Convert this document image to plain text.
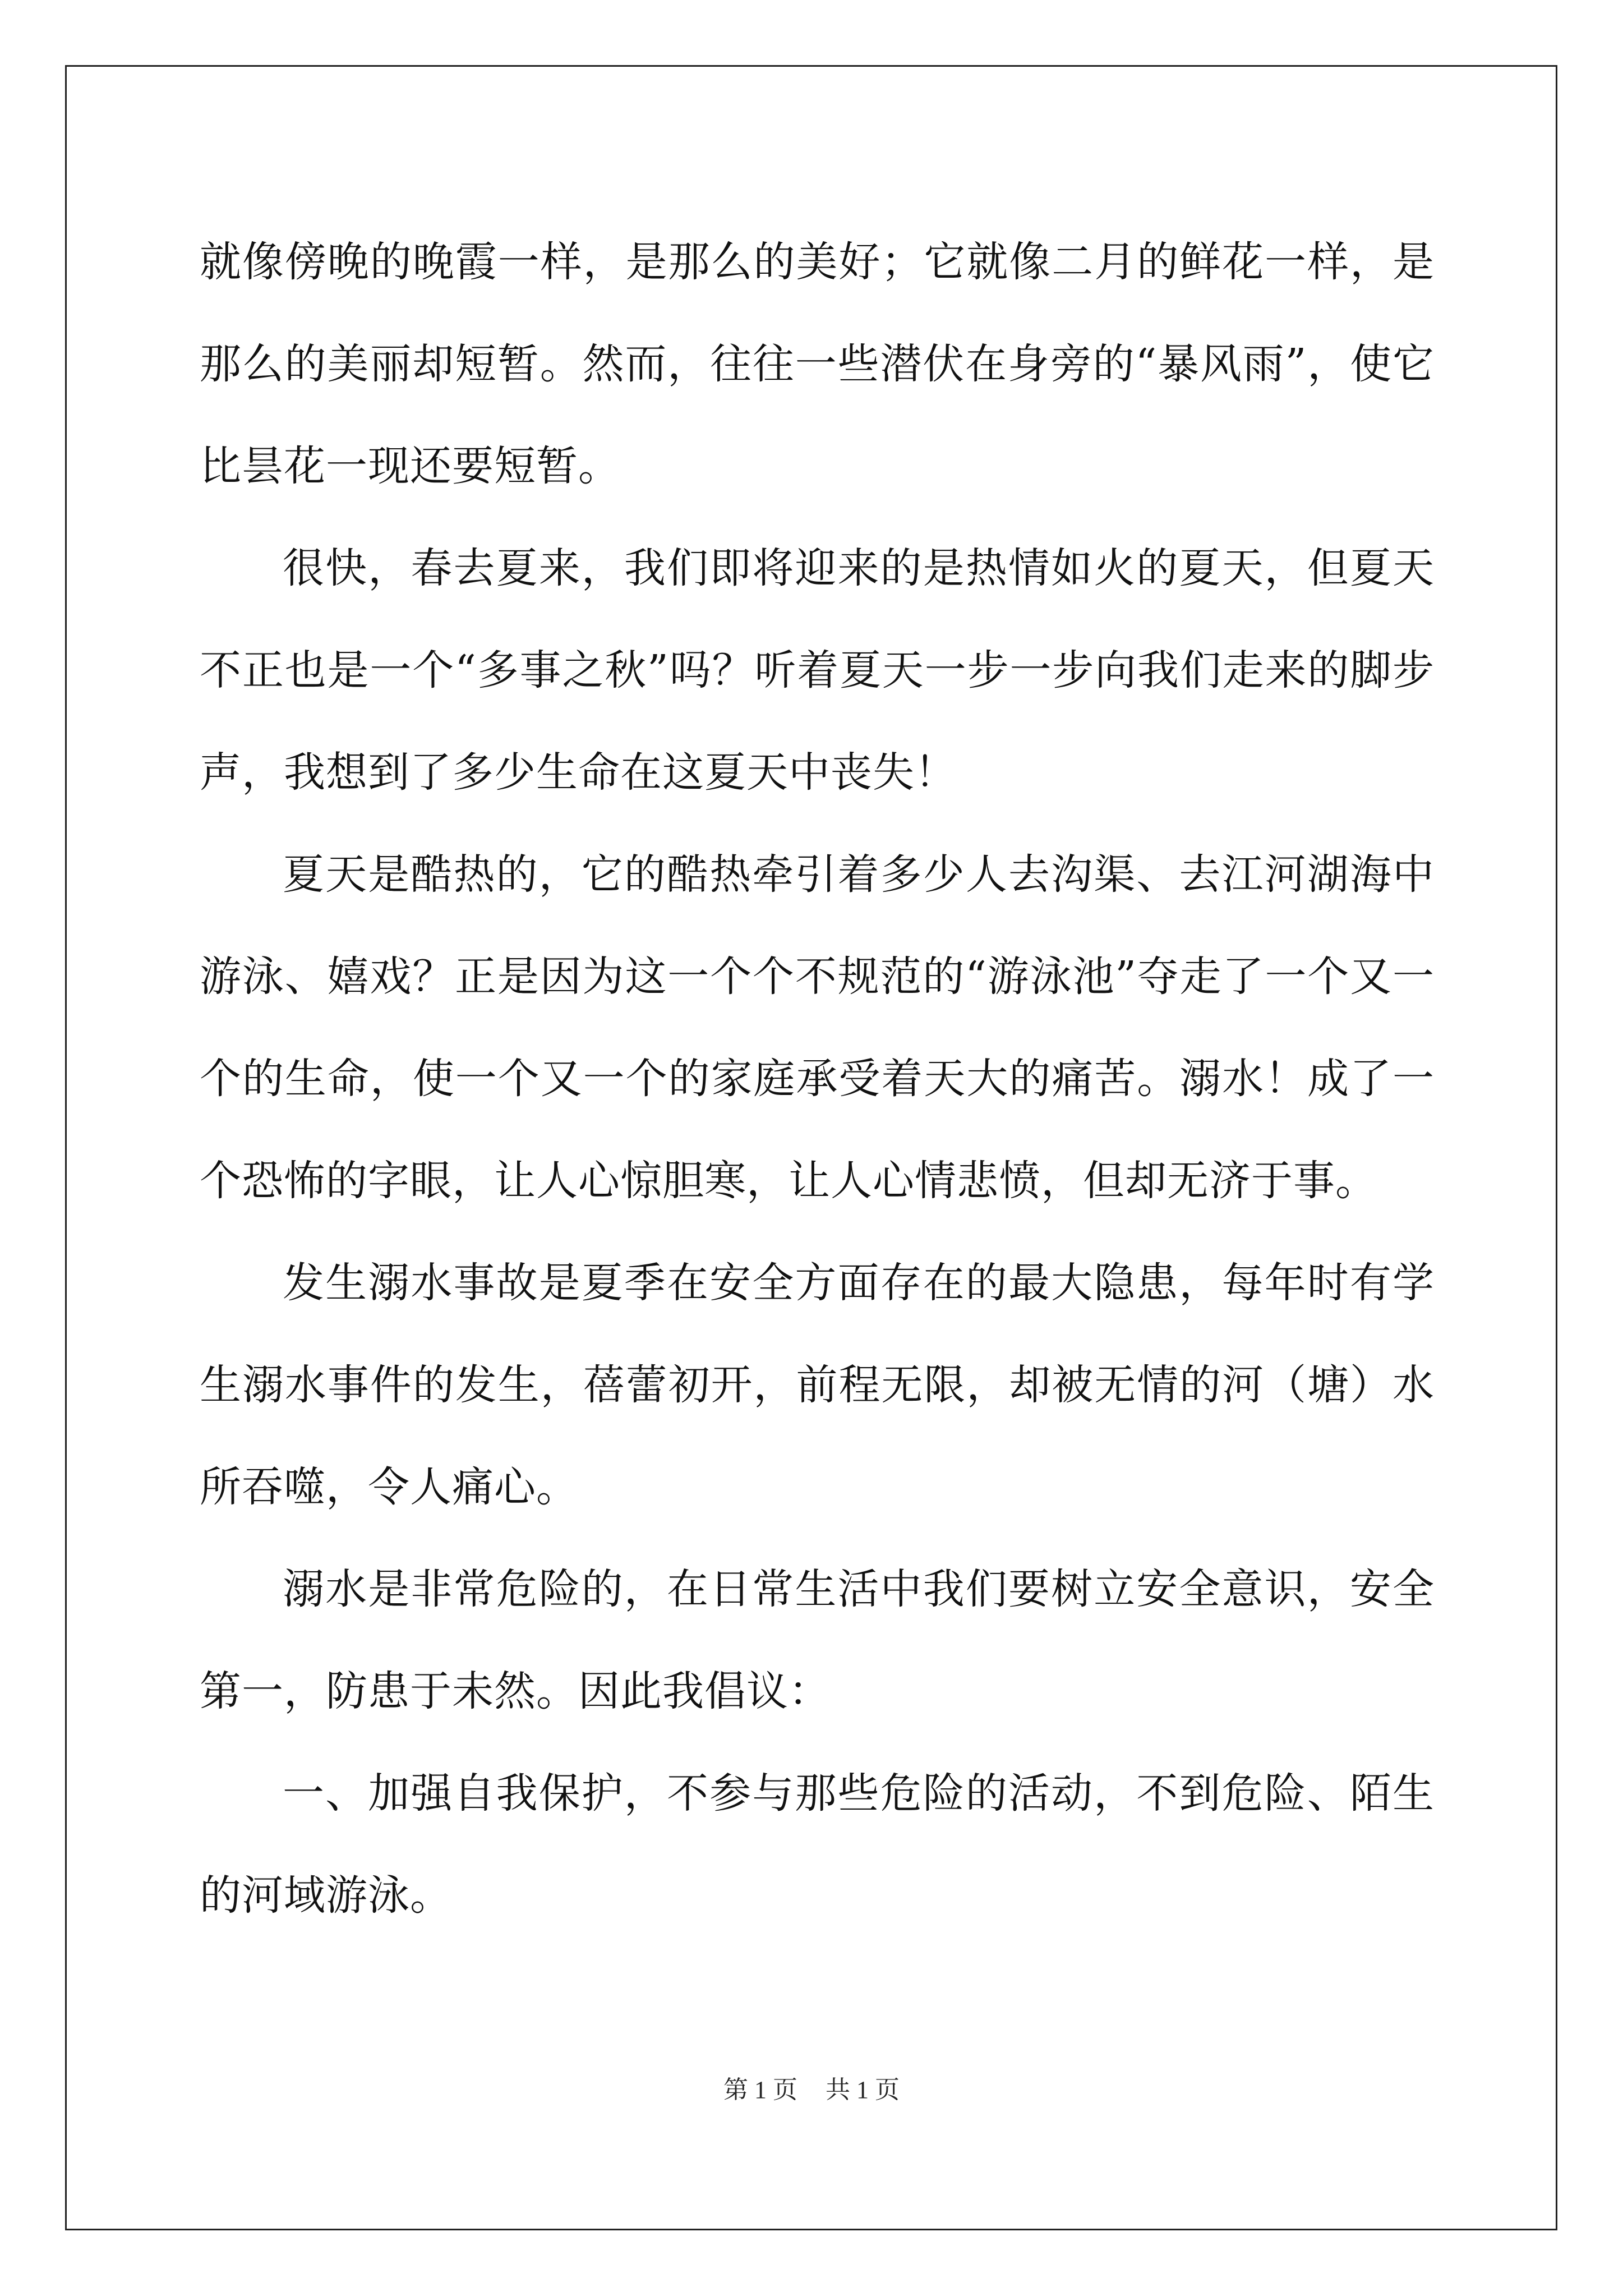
就像傍晚的晚霞一样，是那么的美好；它就像二月的鲜花一样，是那么的美丽却短暂。然而，往往一些潜伏在身旁的“暴风雨”，使它比昙花一现还要短暂。

很快，春去夏来，我们即将迎来的是热情如火的夏天，但夏天不正也是一个“多事之秋”吗？听着夏天一步一步向我们走来的脚步声，我想到了多少生命在这夏天中丧失！

夏天是酷热的，它的酷热牵引着多少人去沟渠、去江河湖海中游泳、嬉戏？正是因为这一个个不规范的“游泳池”夺走了一个又一个的生命，使一个又一个的家庭承受着天大的痛苦。溺水！成了一个恐怖的字眼，让人心惊胆寒，让人心情悲愤，但却无济于事。

发生溺水事故是夏季在安全方面存在的最大隐患，每年时有学生溺水事件的发生，蓓蕾初开，前程无限，却被无情的河（塘）水所吞噬，令人痛心。

溺水是非常危险的，在日常生活中我们要树立安全意识，安全第一，防患于未然。因此我倡议：

一、加强自我保护，不参与那些危险的活动，不到危险、陌生的河域游泳。

第 1 页 共 1 页
